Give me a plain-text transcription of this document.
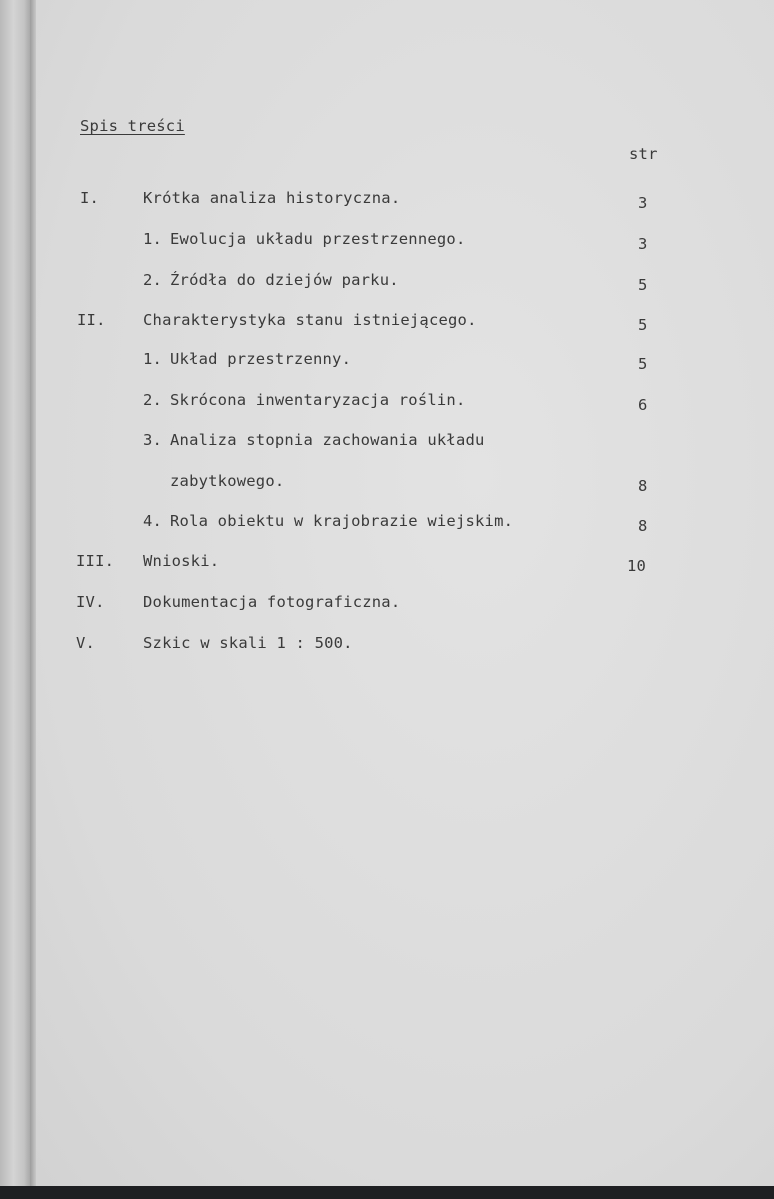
Spis treści
str
I.	Krótka analiza historyczna.	3
1. Ewolucja układu przestrzennego.	3
2. Źródła do dziejów parku.	5
II. Charakterystyka stanu istniejącego.	5
1. Układ przestrzenny.	5
2. Skrócona inwentaryzacja roślin.	6
3. Analiza stopnia zachowania układu
zabytkowego.	8
4. Rola obiektu w krajobrazie wiejskim.	8
III. Wnioski.	10
IV. Dokumentacja fotograficzna.
V.	Szkic w skali 1 : 500.
